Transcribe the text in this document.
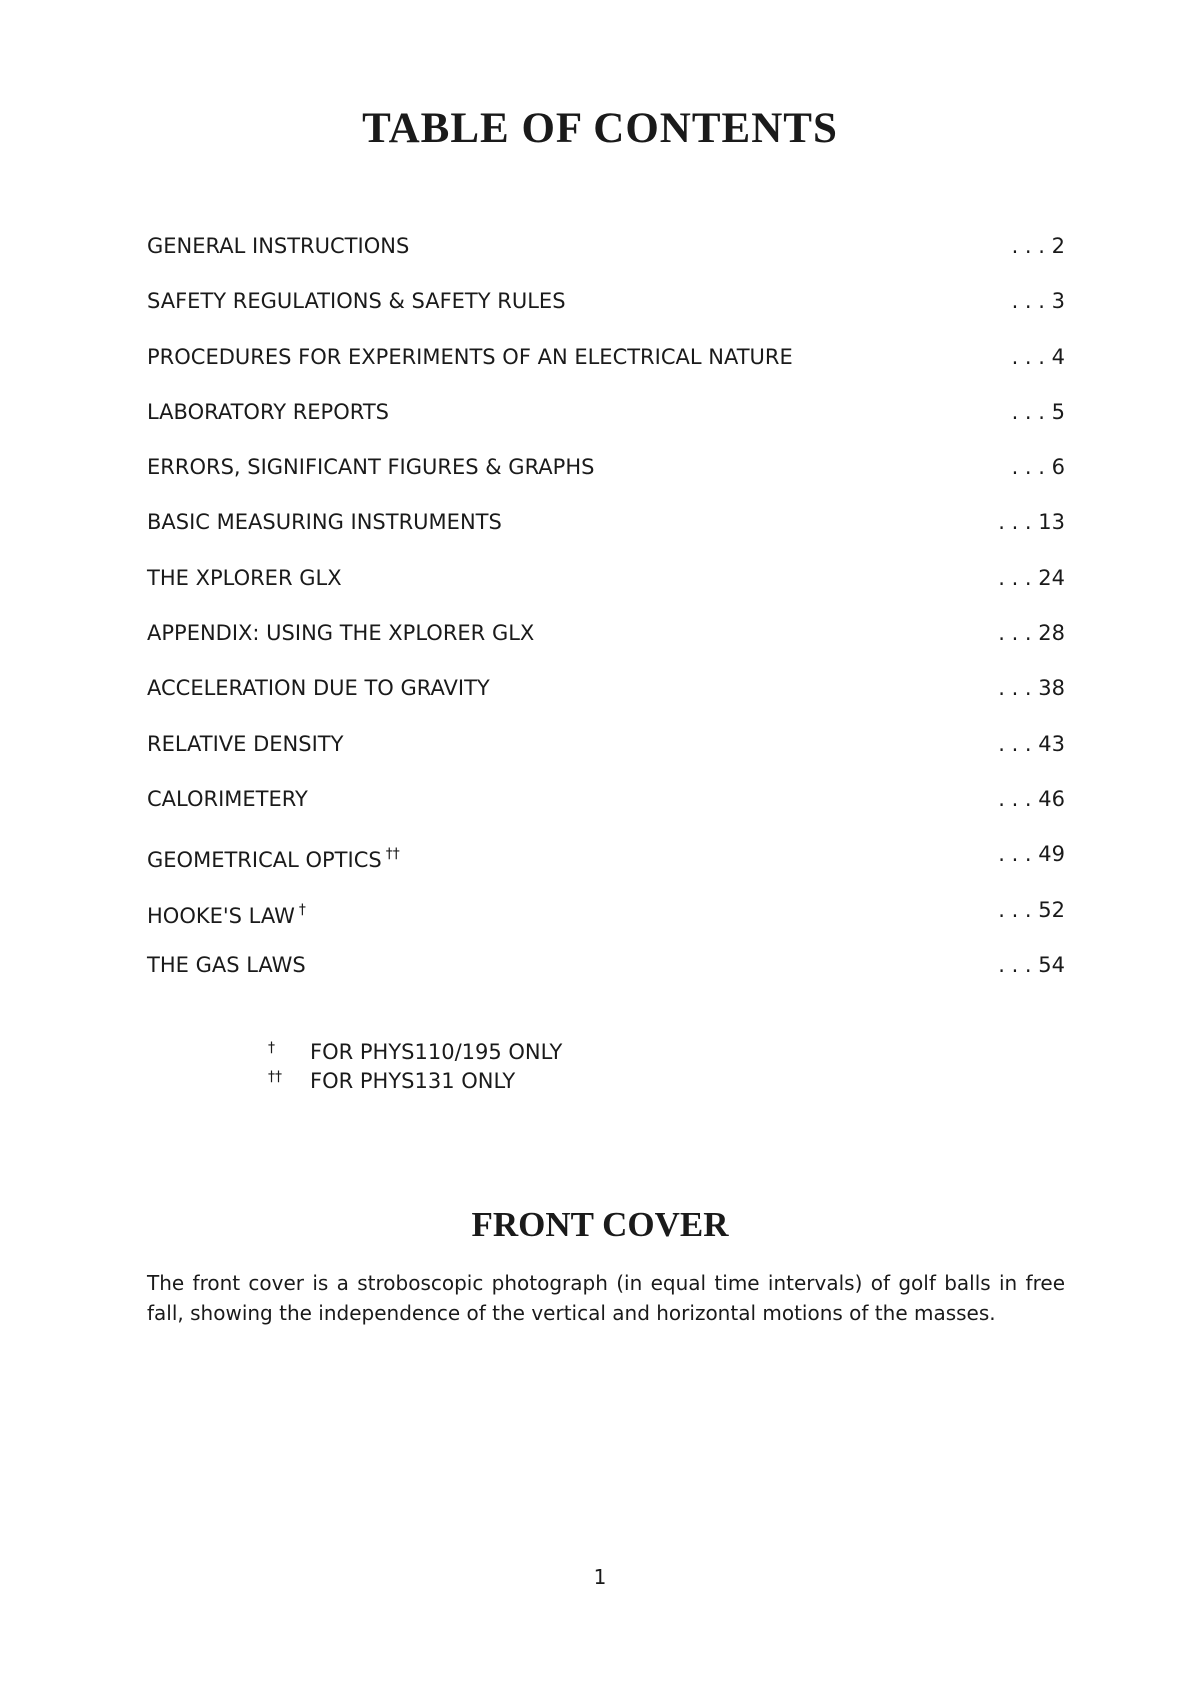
TABLE OF CONTENTS
GENERAL INSTRUCTIONS	. . . 2
SAFETY REGULATIONS & SAFETY RULES	. . . 3
PROCEDURES FOR EXPERIMENTS OF AN ELECTRICAL NATURE	. . . 4
LABORATORY REPORTS	. . . 5
ERRORS, SIGNIFICANT FIGURES & GRAPHS	. . . 6
BASIC MEASURING INSTRUMENTS	. . . 13
THE XPLORER GLX	. . . 24
APPENDIX: USING THE XPLORER GLX	. . . 28
ACCELERATION DUE TO GRAVITY	. . . 38
RELATIVE DENSITY	. . . 43
CALORIMETERY	. . . 46
GEOMETRICAL OPTICS ††	. . . 49
HOOKE'S LAW †	. . . 52
THE GAS LAWS	. . . 54
†	FOR PHYS110/195 ONLY
††	FOR PHYS131 ONLY
FRONT COVER

The front cover is a stroboscopic photograph (in equal time intervals) of golf balls in free fall, showing the independence of the vertical and horizontal motions of the masses.

1
